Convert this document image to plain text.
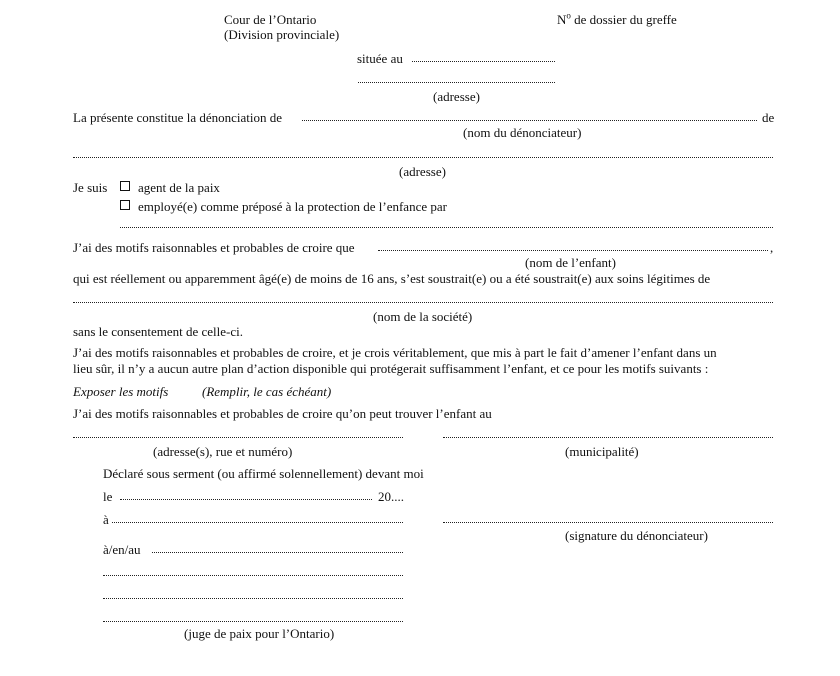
Cour de l’Ontario
(Division provinciale)
$N^o$ de dossier du greffe
située au
(adresse)
La présente constitue la dénonciation de	de
(nom du dénonciateur)
(adresse)
Je suis agent de la paix
employé(e) comme préposé à la protection de l’enfance par
J’ai des motifs raisonnables et probables de croire que	,
(nom de l’enfant)
qui est réellement ou apparemment âgé(e) de moins de 16 ans, s’est soustrait(e) ou a été soustrait(e) aux soins légitimes de
(nom de la société)
sans le consentement de celle-ci.
J’ai des motifs raisonnables et probables de croire, et je crois véritablement, que mis à part le fait d’amener l’enfant dans un
lieu sûr, il n’y a aucun autre plan d’action disponible qui protégerait suffisamment l’enfant, et ce pour les motifs suivants :
Exposer les motifs	(Remplir, le cas échéant)
J’ai des motifs raisonnables et probables de croire qu’on peut trouver l’enfant au
(adresse(s), rue et numéro)	(municipalité)
Déclaré sous serment (ou affirmé solennellement) devant moi
le	20....
à
(signature du dénonciateur)
à/en/au
(juge de paix pour l’Ontario)
